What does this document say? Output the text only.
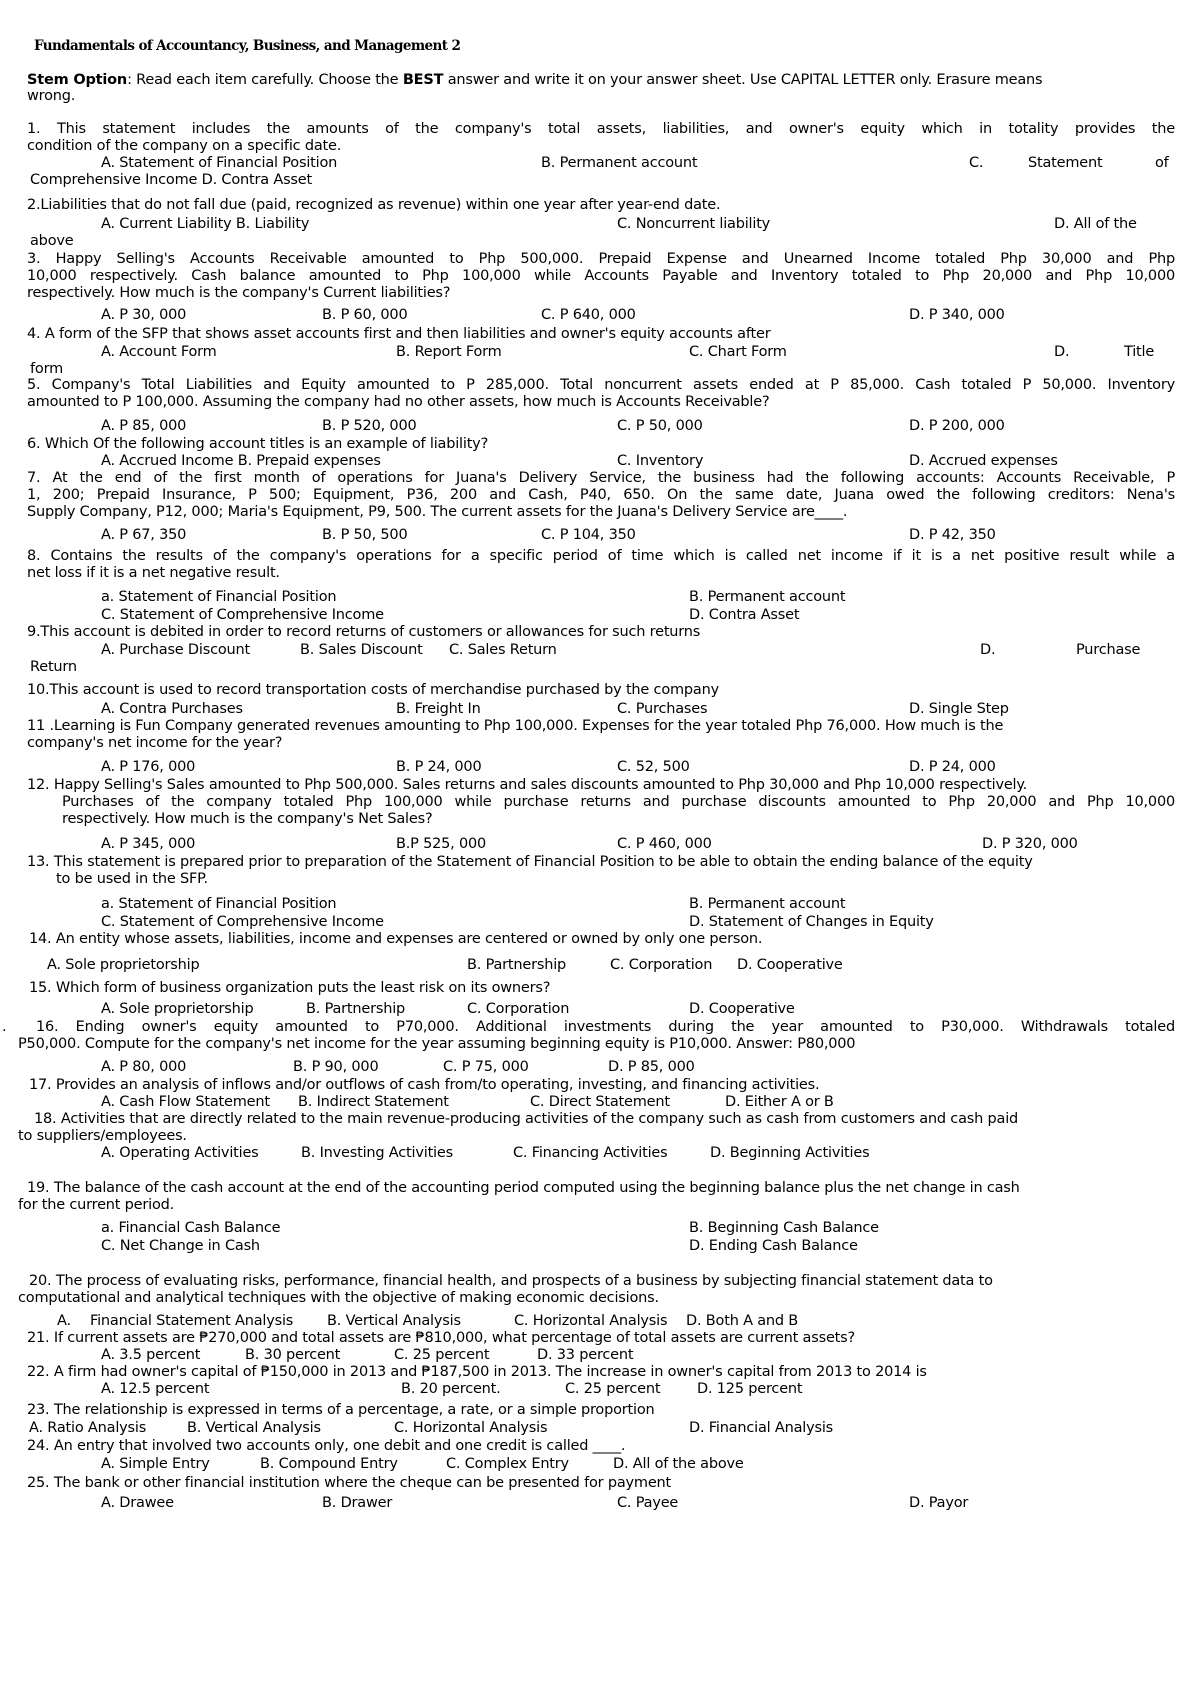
Fundamentals of Accountancy, Business, and Management 2
Stem Option: Read each item carefully. Choose the BEST answer and write it on your answer sheet. Use CAPITAL LETTER only. Erasure means
wrong.
1. This statement includes the amounts of the company's total assets, liabilities, and owner's equity which in totality provides the
condition of the company on a specific date.
A. Statement of Financial Position	B. Permanent account	C.	Statement	of
Comprehensive Income D. Contra Asset
2.Liabilities that do not fall due (paid, recognized as revenue) within one year after year-end date.
A. Current Liability B. Liability	C. Noncurrent liability	D. All of the
above
3. Happy Selling's Accounts Receivable amounted to Php 500,000. Prepaid Expense and Unearned Income totaled Php 30,000 and Php
10,000 respectively. Cash balance amounted to Php 100,000 while Accounts Payable and Inventory totaled to Php 20,000 and Php 10,000
respectively. How much is the company's Current liabilities?
A. P 30, 000	B. P 60, 000	C. P 640, 000	D. P 340, 000
4. A form of the SFP that shows asset accounts first and then liabilities and owner's equity accounts after
A. Account Form	B. Report Form	C. Chart Form	D.	Title
form
5. Company's Total Liabilities and Equity amounted to P 285,000. Total noncurrent assets ended at P 85,000. Cash totaled P 50,000. Inventory
amounted to P 100,000. Assuming the company had no other assets, how much is Accounts Receivable?
A. P 85, 000	B. P 520, 000	C. P 50, 000	D. P 200, 000
6. Which Of the following account titles is an example of liability?
A. Accrued Income B. Prepaid expenses	C. Inventory	D. Accrued expenses
7. At the end of the first month of operations for Juana's Delivery Service, the business had the following accounts: Accounts Receivable, P
1, 200; Prepaid Insurance, P 500; Equipment, P36, 200 and Cash, P40, 650. On the same date, Juana owed the following creditors: Nena's
Supply Company, P12, 000; Maria's Equipment, P9, 500. The current assets for the Juana's Delivery Service are____.
A. P 67, 350	B. P 50, 500	C. P 104, 350	D. P 42, 350
8. Contains the results of the company's operations for a specific period of time which is called net income if it is a net positive result while a
net loss if it is a net negative result.
a. Statement of Financial Position	B. Permanent account
C. Statement of Comprehensive Income	D. Contra Asset
9.This account is debited in order to record returns of customers or allowances for such returns
A. Purchase Discount	B. Sales Discount C. Sales Return	D.	Purchase
Return
10.This account is used to record transportation costs of merchandise purchased by the company
A. Contra Purchases	B. Freight In	C. Purchases	D. Single Step
11 .Learning is Fun Company generated revenues amounting to Php 100,000. Expenses for the year totaled Php 76,000. How much is the
company's net income for the year?
A. P 176, 000	B. P 24, 000	C. 52, 500	D. P 24, 000
12. Happy Selling's Sales amounted to Php 500,000. Sales returns and sales discounts amounted to Php 30,000 and Php 10,000 respectively.
Purchases of the company totaled Php 100,000 while purchase returns and purchase discounts amounted to Php 20,000 and Php 10,000
respectively. How much is the company's Net Sales?
A. P 345, 000	B.P 525, 000	C. P 460, 000	D. P 320, 000
13. This statement is prepared prior to preparation of the Statement of Financial Position to be able to obtain the ending balance of the equity
to be used in the SFP.
a. Statement of Financial Position	B. Permanent account
C. Statement of Comprehensive Income	D. Statement of Changes in Equity
14. An entity whose assets, liabilities, income and expenses are centered or owned by only one person.
A. Sole proprietorship	B. Partnership	C. Corporation D. Cooperative
15. Which form of business organization puts the least risk on its owners?
A. Sole proprietorship	B. Partnership	C. Corporation	D. Cooperative
. 16. Ending owner's equity amounted to P70,000. Additional investments during the year amounted to P30,000. Withdrawals totaled
P50,000. Compute for the company's net income for the year assuming beginning equity is P10,000. Answer: P80,000
A. P 80, 000	B. P 90, 000	C. P 75, 000	D. P 85, 000
17. Provides an analysis of inflows and/or outflows of cash from/to operating, investing, and financing activities.
A. Cash Flow Statement B. Indirect Statement	C. Direct Statement	D. Either A or B
18. Activities that are directly related to the main revenue-producing activities of the company such as cash from customers and cash paid
to suppliers/employees.
A. Operating Activities	B. Investing Activities	C. Financing Activities	D. Beginning Activities
19. The balance of the cash account at the end of the accounting period computed using the beginning balance plus the net change in cash
for the current period.
a. Financial Cash Balance	B. Beginning Cash Balance
C. Net Change in Cash	D. Ending Cash Balance
20. The process of evaluating risks, performance, financial health, and prospects of a business by subjecting financial statement data to
computational and analytical techniques with the objective of making economic decisions.
A. Financial Statement Analysis B. Vertical Analysis	C. Horizontal Analysis D. Both A and B
21. If current assets are ₱270,000 and total assets are ₱810,000, what percentage of total assets are current assets?
A. 3.5 percent	B. 30 percent	C. 25 percent	D. 33 percent
22. A firm had owner's capital of ₱150,000 in 2013 and ₱187,500 in 2013. The increase in owner's capital from 2013 to 2014 is
A. 12.5 percent	B. 20 percent.	C. 25 percent	D. 125 percent
23. The relationship is expressed in terms of a percentage, a rate, or a simple proportion
A. Ratio Analysis	B. Vertical Analysis	C. Horizontal Analysis	D. Financial Analysis
24. An entry that involved two accounts only, one debit and one credit is called ____.
A. Simple Entry	B. Compound Entry	C. Complex Entry	D. All of the above
25. The bank or other financial institution where the cheque can be presented for payment
A. Drawee	B. Drawer	C. Payee	D. Payor
